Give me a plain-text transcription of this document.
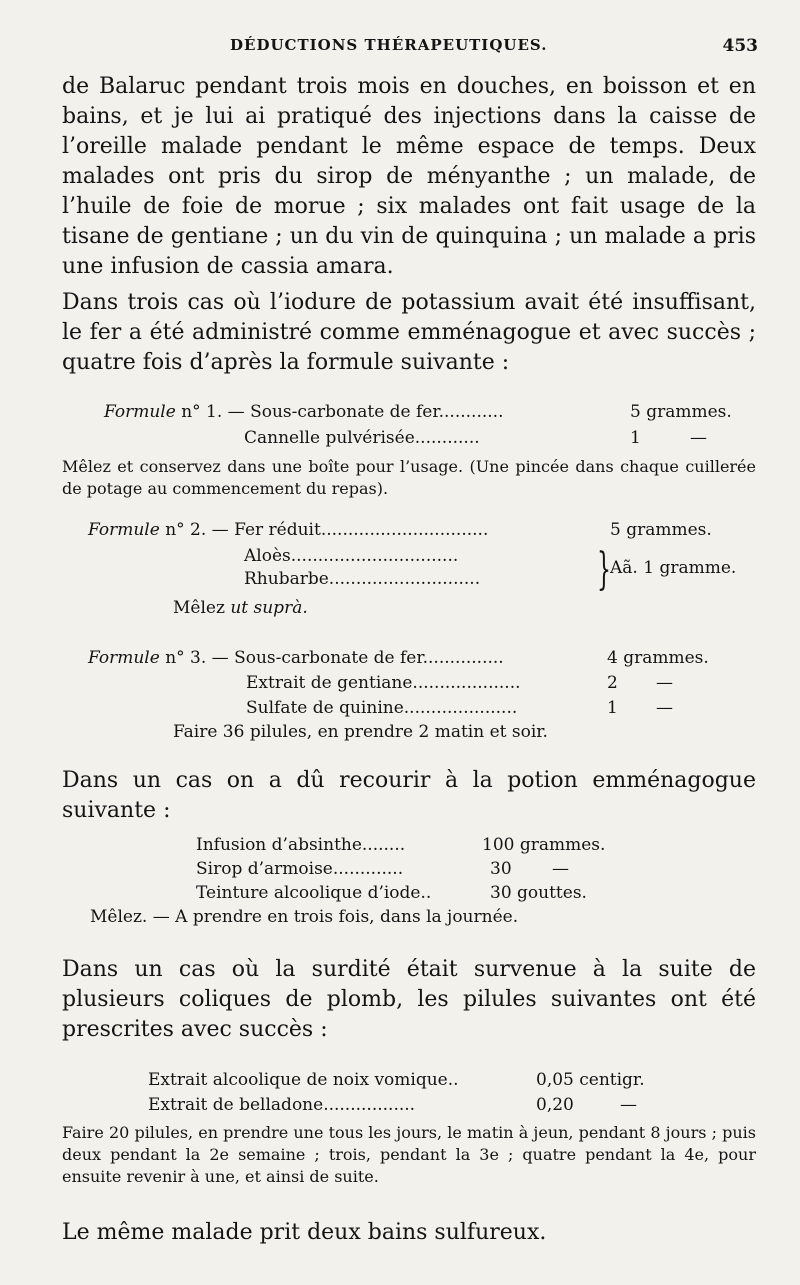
DÉDUCTIONS THÉRAPEUTIQUES.	453

de Balaruc pendant trois mois en douches, en boisson et en bains, et je lui ai pratiqué des injections dans la caisse de l’oreille malade pendant le même espace de temps. Deux malades ont pris du sirop de ményanthe ; un malade, de l’huile de foie de morue ; six malades ont fait usage de la tisane de gentiane ; un du vin de quinquina ; un malade a pris une infusion de cassia amara.

Dans trois cas où l’iodure de potassium avait été insuffisant, le fer a été administré comme emménagogue et avec succès ; quatre fois d’après la formule suivante :

Formule n° 1. — Sous-carbonate de fer............	5 grammes.
Cannelle pulvérisée............	1	—

Mêlez et conservez dans une boîte pour l’usage. (Une pincée dans chaque cuillerée de potage au commencement du repas).

Formule n° 2. — Fer réduit...............................	5 grammes.
Aloès...............................
Rhubarbe............................	} Aã. 1 gramme.
Mêlez ut suprà.
Formule n° 3. — Sous-carbonate de fer...............	4 grammes.
Extrait de gentiane....................	2 —
Sulfate de quinine.....................	1 —
Faire 36 pilules, en prendre 2 matin et soir.

Dans un cas on a dû recourir à la potion emménagogue suivante :

Infusion d’absinthe........	100 grammes.
Sirop d’armoise.............	30 —
Teinture alcoolique d’iode..	30 gouttes.
Mêlez. — A prendre en trois fois, dans la journée.

Dans un cas où la surdité était survenue à la suite de plusieurs coliques de plomb, les pilules suivantes ont été prescrites avec succès :

Extrait alcoolique de noix vomique..	0,05 centigr.
Extrait de belladone.................	0,20	—

Faire 20 pilules, en prendre une tous les jours, le matin à jeun, pendant 8 jours ; puis deux pendant la 2e semaine ; trois, pendant la 3e ; quatre pendant la 4e, pour ensuite revenir à une, et ainsi de suite.

Le même malade prit deux bains sulfureux.
